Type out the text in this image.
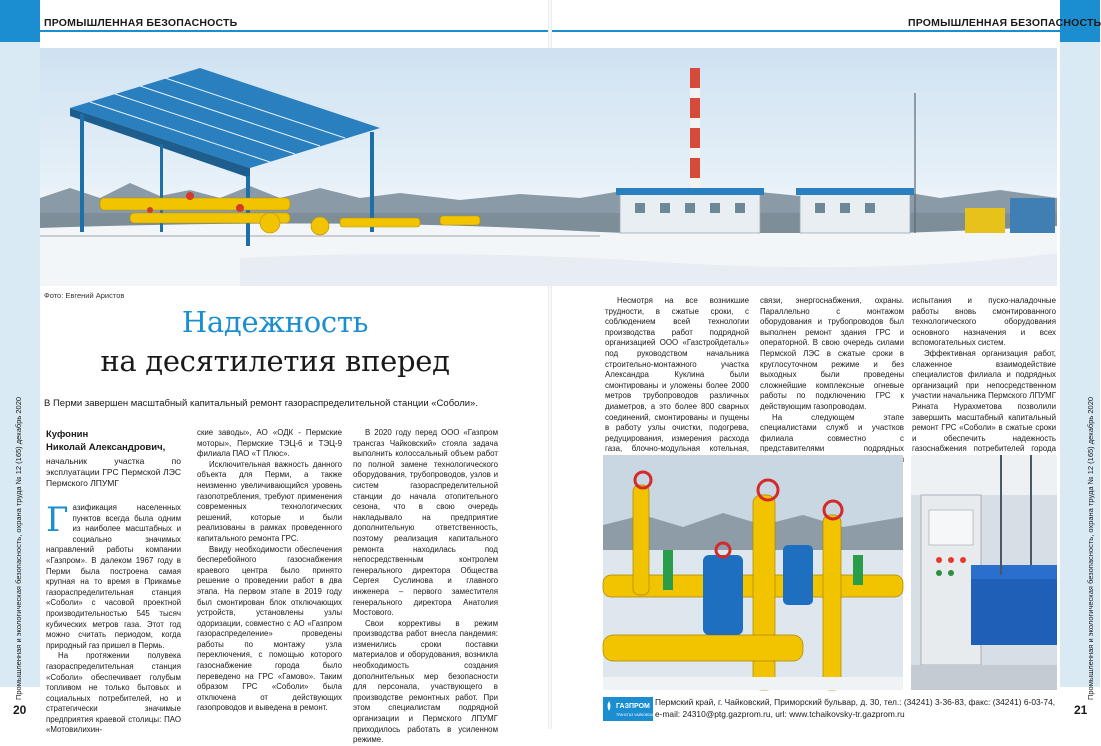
ПРОМЫШЛЕННАЯ БЕЗОПАСНОСТЬ
Промышленная и экологическая безопасность, охрана труда № 12 (165) декабрь 2020
20
ПРОМЫШЛЕННАЯ БЕЗОПАСНОСТЬ
Промышленная и экологическая безопасность, охрана труда № 12 (165) декабрь 2020
21
Фото: Евгений Аристов
Надежность
на десятилетия вперед
В Перми завершен масштабный капитальный ремонт газораспределительной станции «Соболи».
Куфонин
Николай Александрович,
начальник участка по эксплуатации ГРС Пермской ЛЭС Пермского ЛПУМГ

Газификация населенных пунктов всегда была одним из наиболее масштабных и социально значимых направлений работы компании «Газпром». В далеком 1967 году в Перми была построена самая крупная на то время в Прикамье газораспределительная станция «Соболи» с часовой проектной производительностью 545 тысяч кубических метров газа. Этот год можно считать периодом, когда природный газ пришел в Пермь.

На протяжении полувека газораспределительная станция «Соболи» обеспечивает голубым топливом не только бытовых и социальных потребителей, но и стратегически значимые предприятия краевой столицы: ПАО «Мотовилихин-

ские заводы», АО «ОДК - Пермские моторы», Пермские ТЭЦ-6 и ТЭЦ-9 филиала ПАО «Т Плюс».

Исключительная важность данного объекта для Перми, а также неизменно увеличивающийся уровень газопотребления, требуют применения современных технологических решений, которые и были реализованы в рамках проведенного капитального ремонта ГРС.

Ввиду необходимости обеспечения бесперебойного газоснабжения краевого центра было принято решение о проведении работ в два этапа. На первом этапе в 2019 году был смонтирован блок отключающих устройств, установлены узлы одоризации, совместно с АО «Газпром газораспределение» проведены работы по монтажу узла переключения, с помощью которого газоснабжение города было переведено на ГРС «Гамово». Таким образом ГРС «Соболи» была отключена от действующих газопроводов и выведена в ремонт.

В 2020 году перед ООО «Газпром трансгаз Чайковский» стояла задача выполнить колоссальный объем работ по полной замене технологического оборудования, трубопроводов, узлов и систем газораспределительной станции до начала отопительного сезона, что в свою очередь накладывало на предприятие дополнительную ответственность, поэтому реализация капитального ремонта находилась под непосредственным контролем генерального директора Общества Сергея Суслинова и главного инженера – первого заместителя генерального директора Анатолия Мостового.

Свои коррективы в режим производства работ внесла пандемия: изменились сроки поставки материалов и оборудования, возникла необходимость создания дополнительных мер безопасности для персонала, участвующего в производстве ремонтных работ. При этом специалистам подрядной организации и Пермского ЛПУМГ приходилось работать в усиленном режиме.

Несмотря на все возникшие трудности, в сжатые сроки, с соблюдением всей технологии производства работ подрядной организацией ООО «Газстройдеталь» под руководством начальника строительно-монтажного участка Александра Куклина были смонтированы и уложены более 2000 метров трубопроводов различных диаметров, а это более 800 сварных соединений, смонтированы и пущены в работу узлы очистки, подогрева, редуцирования, измерения расхода газа, блочно-модульная котельная,

связи, энергоснабжения, охраны. Параллельно с монтажом оборудования и трубопроводов был выполнен ремонт здания ГРС и операторной. В свою очередь силами Пермской ЛЭС в сжатые сроки в круглосуточном режиме и без выходных были проведены сложнейшие комплексные огневые работы по подключению ГРС к действующим газопроводам.

На следующем этапе специалистами служб и участков филиала совместно с представителями подрядных

испытания и пуско-наладочные работы вновь смонтированного технологического оборудования основного назначения и всех вспомогательных систем.

Эффективная организация работ, слаженное взаимодействие специалистов филиала и подрядных организаций при непосредственном участии начальника Пермского ЛПУМГ Рината Нурахметова позволили завершить масштабный капитальный ремонт ГРС «Соболи» в сжатые сроки и обеспечить надежность газоснабжения потребителей города

ГАЗПРОМ
ТРАНСГАЗ ЧАЙКОВСКИЙ
Пермский край, г. Чайковский, Приморский бульвар, д. 30, тел.: (34241) 3-36-83, факс: (34241) 6-03-74,
e-mail: 24310@ptg.gazprom.ru, url: www.tchaikovsky-tr.gazprom.ru
